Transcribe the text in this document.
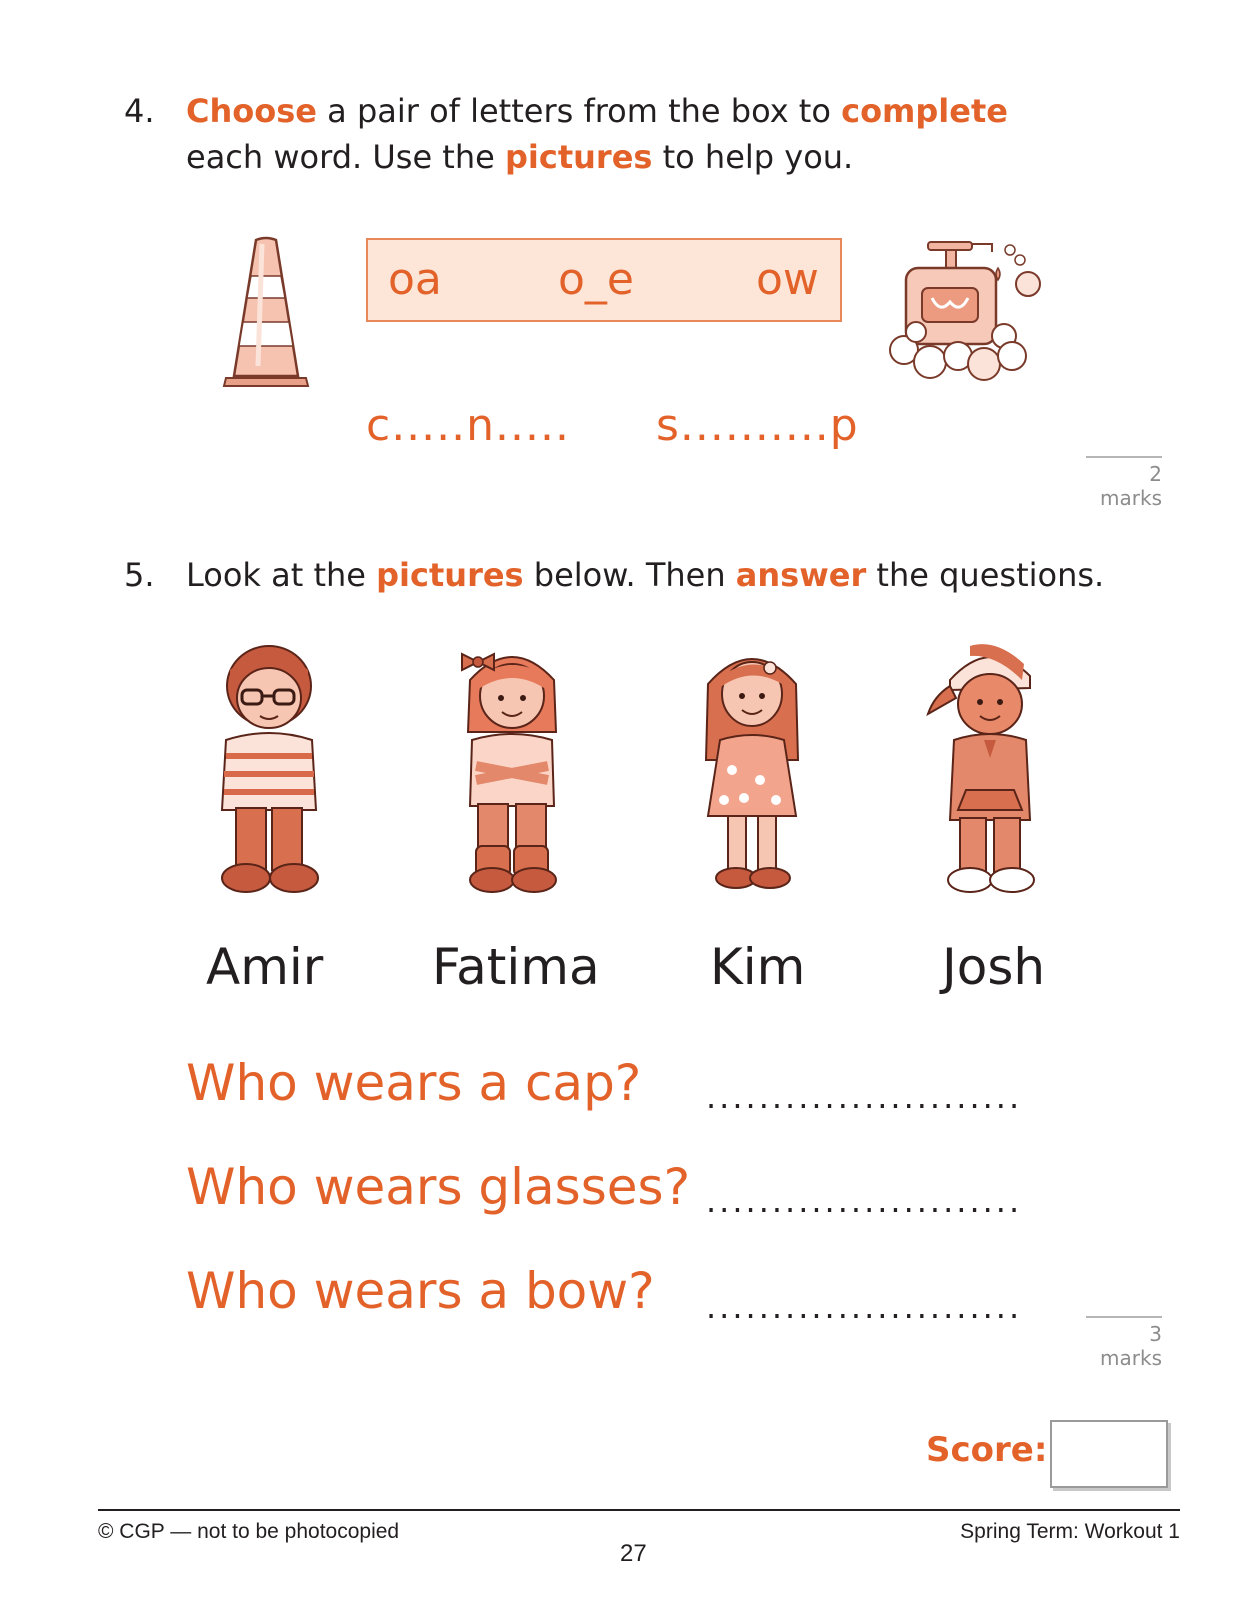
4. Choose a pair of letters from the box to complete
each word. Use the pictures to help you.
oa	o_e	ow
c.....n..... s..........p
2 marks
5. Look at the pictures below. Then answer the questions.
Amir Fatima Kim	Josh
Who wears a cap? ........................
Who wears glasses? ........................
Who wears a bow? ........................
3 marks
Score:
© CGP — not to be photocopied
27
Spring Term: Workout 1
